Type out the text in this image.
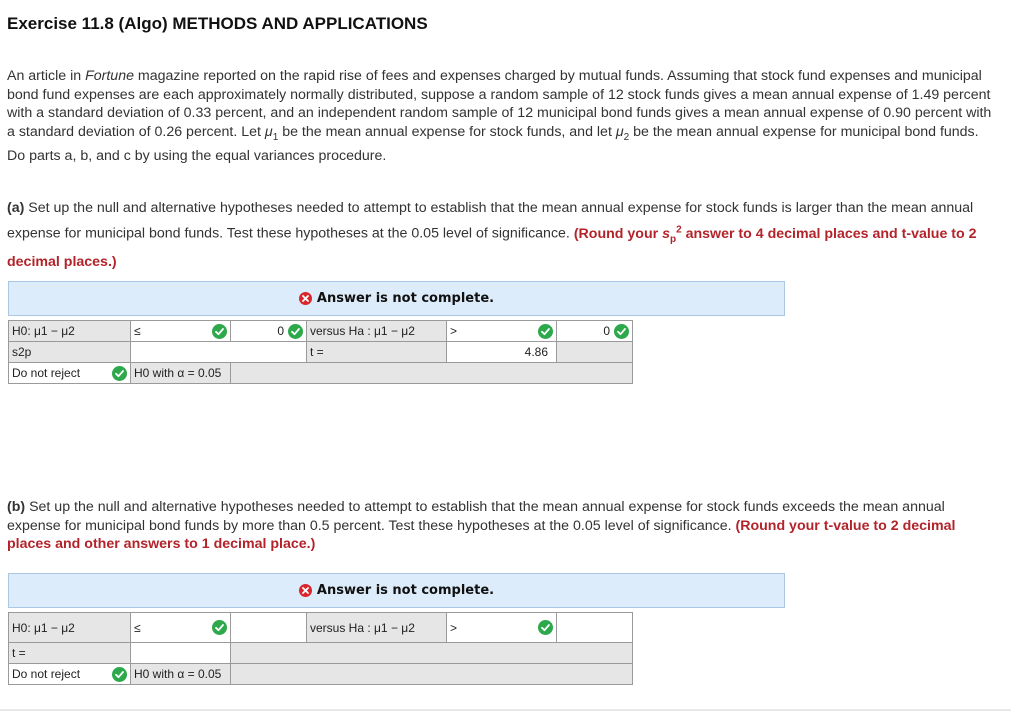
Exercise 11.8 (Algo) METHODS AND APPLICATIONS
An article in Fortune magazine reported on the rapid rise of fees and expenses charged by mutual funds. Assuming that stock fund expenses and municipal bond fund expenses are each approximately normally distributed, suppose a random sample of 12 stock funds gives a mean annual expense of 1.49 percent with a standard deviation of 0.33 percent, and an independent random sample of 12 municipal bond funds gives a mean annual expense of 0.90 percent with a standard deviation of 0.26 percent. Let $\mu_1$ be the mean annual expense for stock funds, and let $\mu_2$ be the mean annual expense for municipal bond funds. Do parts a, b, and c by using the equal variances procedure.
(a) Set up the null and alternative hypotheses needed to attempt to establish that the mean annual expense for stock funds is larger than the mean annual expense for municipal bond funds. Test these hypotheses at the 0.05 level of significance. (Round your $s_p^2$ answer to 4 decimal places and t-value to 2 decimal places.)
Answer is not complete.
H0: μ1 − μ2	≤	0	versus Ha : μ1 − μ2	>	0

s2p			t =	4.86	

Do not reject	H0 with α = 0.05				
(b) Set up the null and alternative hypotheses needed to attempt to establish that the mean annual expense for stock funds exceeds the mean annual expense for municipal bond funds by more than 0.5 percent. Test these hypotheses at the 0.05 level of significance. (Round your t-value to 2 decimal places and other answers to 1 decimal place.)
Answer is not complete.
H0: μ1 − μ2	≤		versus Ha : μ1 − μ2	>	

t =					

Do not reject	H0 with α = 0.05				
